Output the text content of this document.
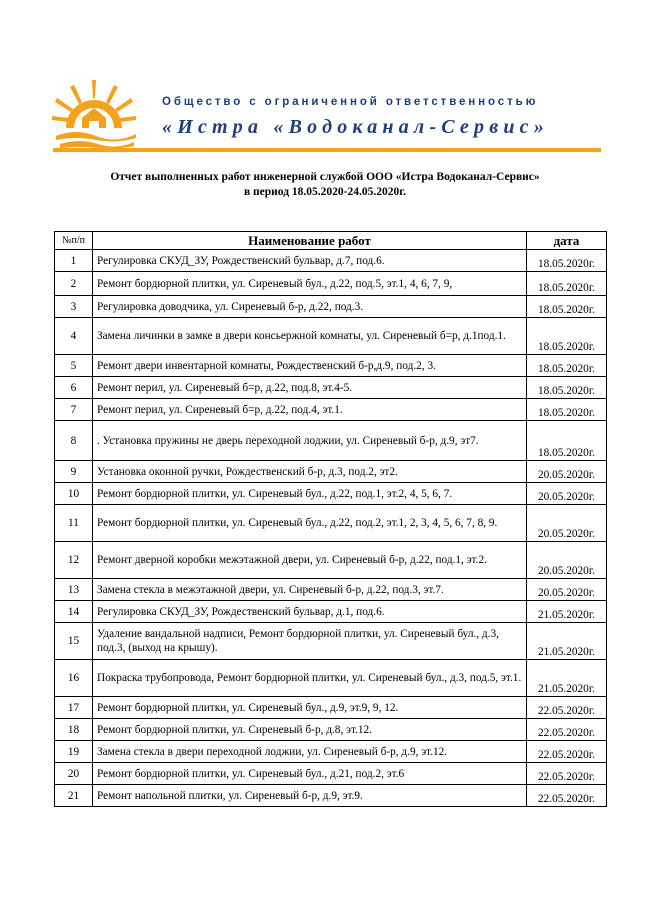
Общество с ограниченной ответственностью
«Истра «Водоканал-Сервис»
Отчет выполненных работ инженерной службой ООО «Истра Водоканал-Сервис»
в период 18.05.2020-24.05.2020г.
№п/п	Наименование работ	дата
1	Регулировка СКУД_ЗУ, Рождественский бульвар, д.7, под.6.	18.05.2020г.
2	Ремонт бордюрной плитки, ул. Сиреневый бул., д.22, под.5, эт.1, 4, 6, 7, 9,	18.05.2020г.
3	Регулировка доводчика, ул. Сиреневый б-р, д.22, под.3.	18.05.2020г.
4	Замена личинки в замке в двери консьержной комнаты, ул. Сиреневый б=р, д.1под.1.	18.05.2020г.
5	Ремонт двери инвентарной комнаты, Рождественский б-р,д.9, под.2, 3.	18.05.2020г.
6	Ремонт перил, ул. Сиреневый б=р, д.22, под.8, эт.4-5.	18.05.2020г.
7	Ремонт перил, ул. Сиреневый б=р, д.22, под.4, эт.1.	18.05.2020г.
8	. Установка пружины не дверь переходной лоджии, ул. Сиреневый б-р, д.9, эт7.	18.05.2020г.
9	Установка оконной ручки, Рождественский б-р, д.3, под.2, эт2.	20.05.2020г.
10	Ремонт бордюрной плитки, ул. Сиреневый бул., д.22, под.1, эт.2, 4, 5, 6, 7.	20.05.2020г.
11	Ремонт бордюрной плитки, ул. Сиреневый бул., д.22, под.2, эт.1, 2, 3, 4, 5, 6, 7, 8, 9.	20.05.2020г.
12	Ремонт дверной коробки межэтажной двери, ул. Сиреневый б-р, д.22, под.1, эт.2.	20.05.2020г.
13	Замена стекла в межэтажной двери, ул. Сиреневый б-р, д.22, под.3, эт.7.	20.05.2020г.
14	Регулировка СКУД_ЗУ, Рождественский бульвар, д.1, под.6.	21.05.2020г.
15	Удаление вандальной надписи, Ремонт бордюрной плитки, ул. Сиреневый бул., д.3, под.3, (выход на крышу).	21.05.2020г.
16	Покраска трубопровода, Ремонт бордюрной плитки, ул. Сиреневый бул., д.3, под.5, эт.1.	21.05.2020г.
17	Ремонт бордюрной плитки, ул. Сиреневый бул., д.9, эт.9, 9, 12.	22.05.2020г.
18	Ремонт бордюрной плитки, ул. Сиреневый б-р, д.8, эт.12.	22.05.2020г.
19	Замена стекла в двери переходной лоджии, ул. Сиреневый б-р, д.9, эт.12.	22.05.2020г.
20	Ремонт бордюрной плитки, ул. Сиреневый бул., д.21, под.2, эт.6	22.05.2020г.
21	Ремонт напольной плитки, ул. Сиреневый б-р, д.9, эт.9.	22.05.2020г.
